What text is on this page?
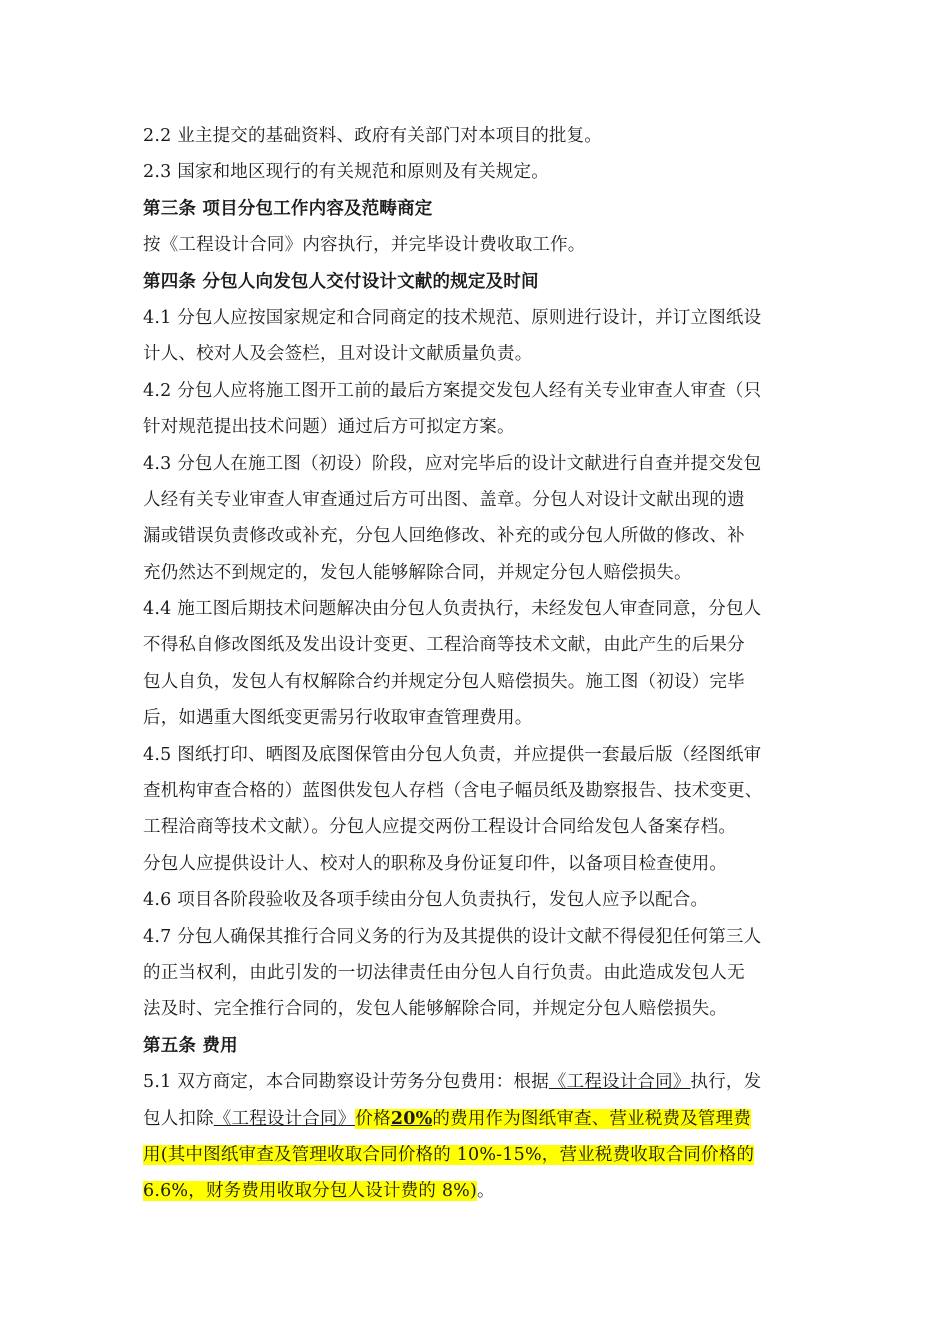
2.2 业主提交的基础资料、政府有关部门对本项目的批复。
2.3 国家和地区现行的有关规范和原则及有关规定。
第三条 项目分包工作内容及范畴商定
按《工程设计合同》内容执行，并完毕设计费收取工作。
第四条 分包人向发包人交付设计文献的规定及时间
4.1 分包人应按国家规定和合同商定的技术规范、原则进行设计，并订立图纸设
计人、校对人及会签栏，且对设计文献质量负责。
4.2 分包人应将施工图开工前的最后方案提交发包人经有关专业审查人审查（只
针对规范提出技术问题）通过后方可拟定方案。
4.3 分包人在施工图（初设）阶段，应对完毕后的设计文献进行自查并提交发包
人经有关专业审查人审查通过后方可出图、盖章。分包人对设计文献出现的遗
漏或错误负责修改或补充，分包人回绝修改、补充的或分包人所做的修改、补
充仍然达不到规定的，发包人能够解除合同，并规定分包人赔偿损失。
4.4 施工图后期技术问题解决由分包人负责执行，未经发包人审查同意，分包人
不得私自修改图纸及发出设计变更、工程洽商等技术文献，由此产生的后果分
包人自负，发包人有权解除合约并规定分包人赔偿损失。施工图（初设）完毕
后，如遇重大图纸变更需另行收取审查管理费用。
4.5 图纸打印、晒图及底图保管由分包人负责，并应提供一套最后版（经图纸审
查机构审查合格的）蓝图供发包人存档（含电子幅员纸及勘察报告、技术变更、
工程洽商等技术文献）。分包人应提交两份工程设计合同给发包人备案存档。
分包人应提供设计人、校对人的职称及身份证复印件，以备项目检查使用。
4.6 项目各阶段验收及各项手续由分包人负责执行，发包人应予以配合。
4.7 分包人确保其推行合同义务的行为及其提供的设计文献不得侵犯任何第三人
的正当权利，由此引发的一切法律责任由分包人自行负责。由此造成发包人无
法及时、完全推行合同的，发包人能够解除合同，并规定分包人赔偿损失。
第五条 费用
5.1 双方商定，本合同勘察设计劳务分包费用：根据《工程设计合同》执行，发
包人扣除《工程设计合同》价格20%的费用作为图纸审查、营业税费及管理费
用(其中图纸审查及管理收取合同价格的 10%-15%，营业税费收取合同价格的
6.6%，财务费用收取分包人设计费的 8%)。
